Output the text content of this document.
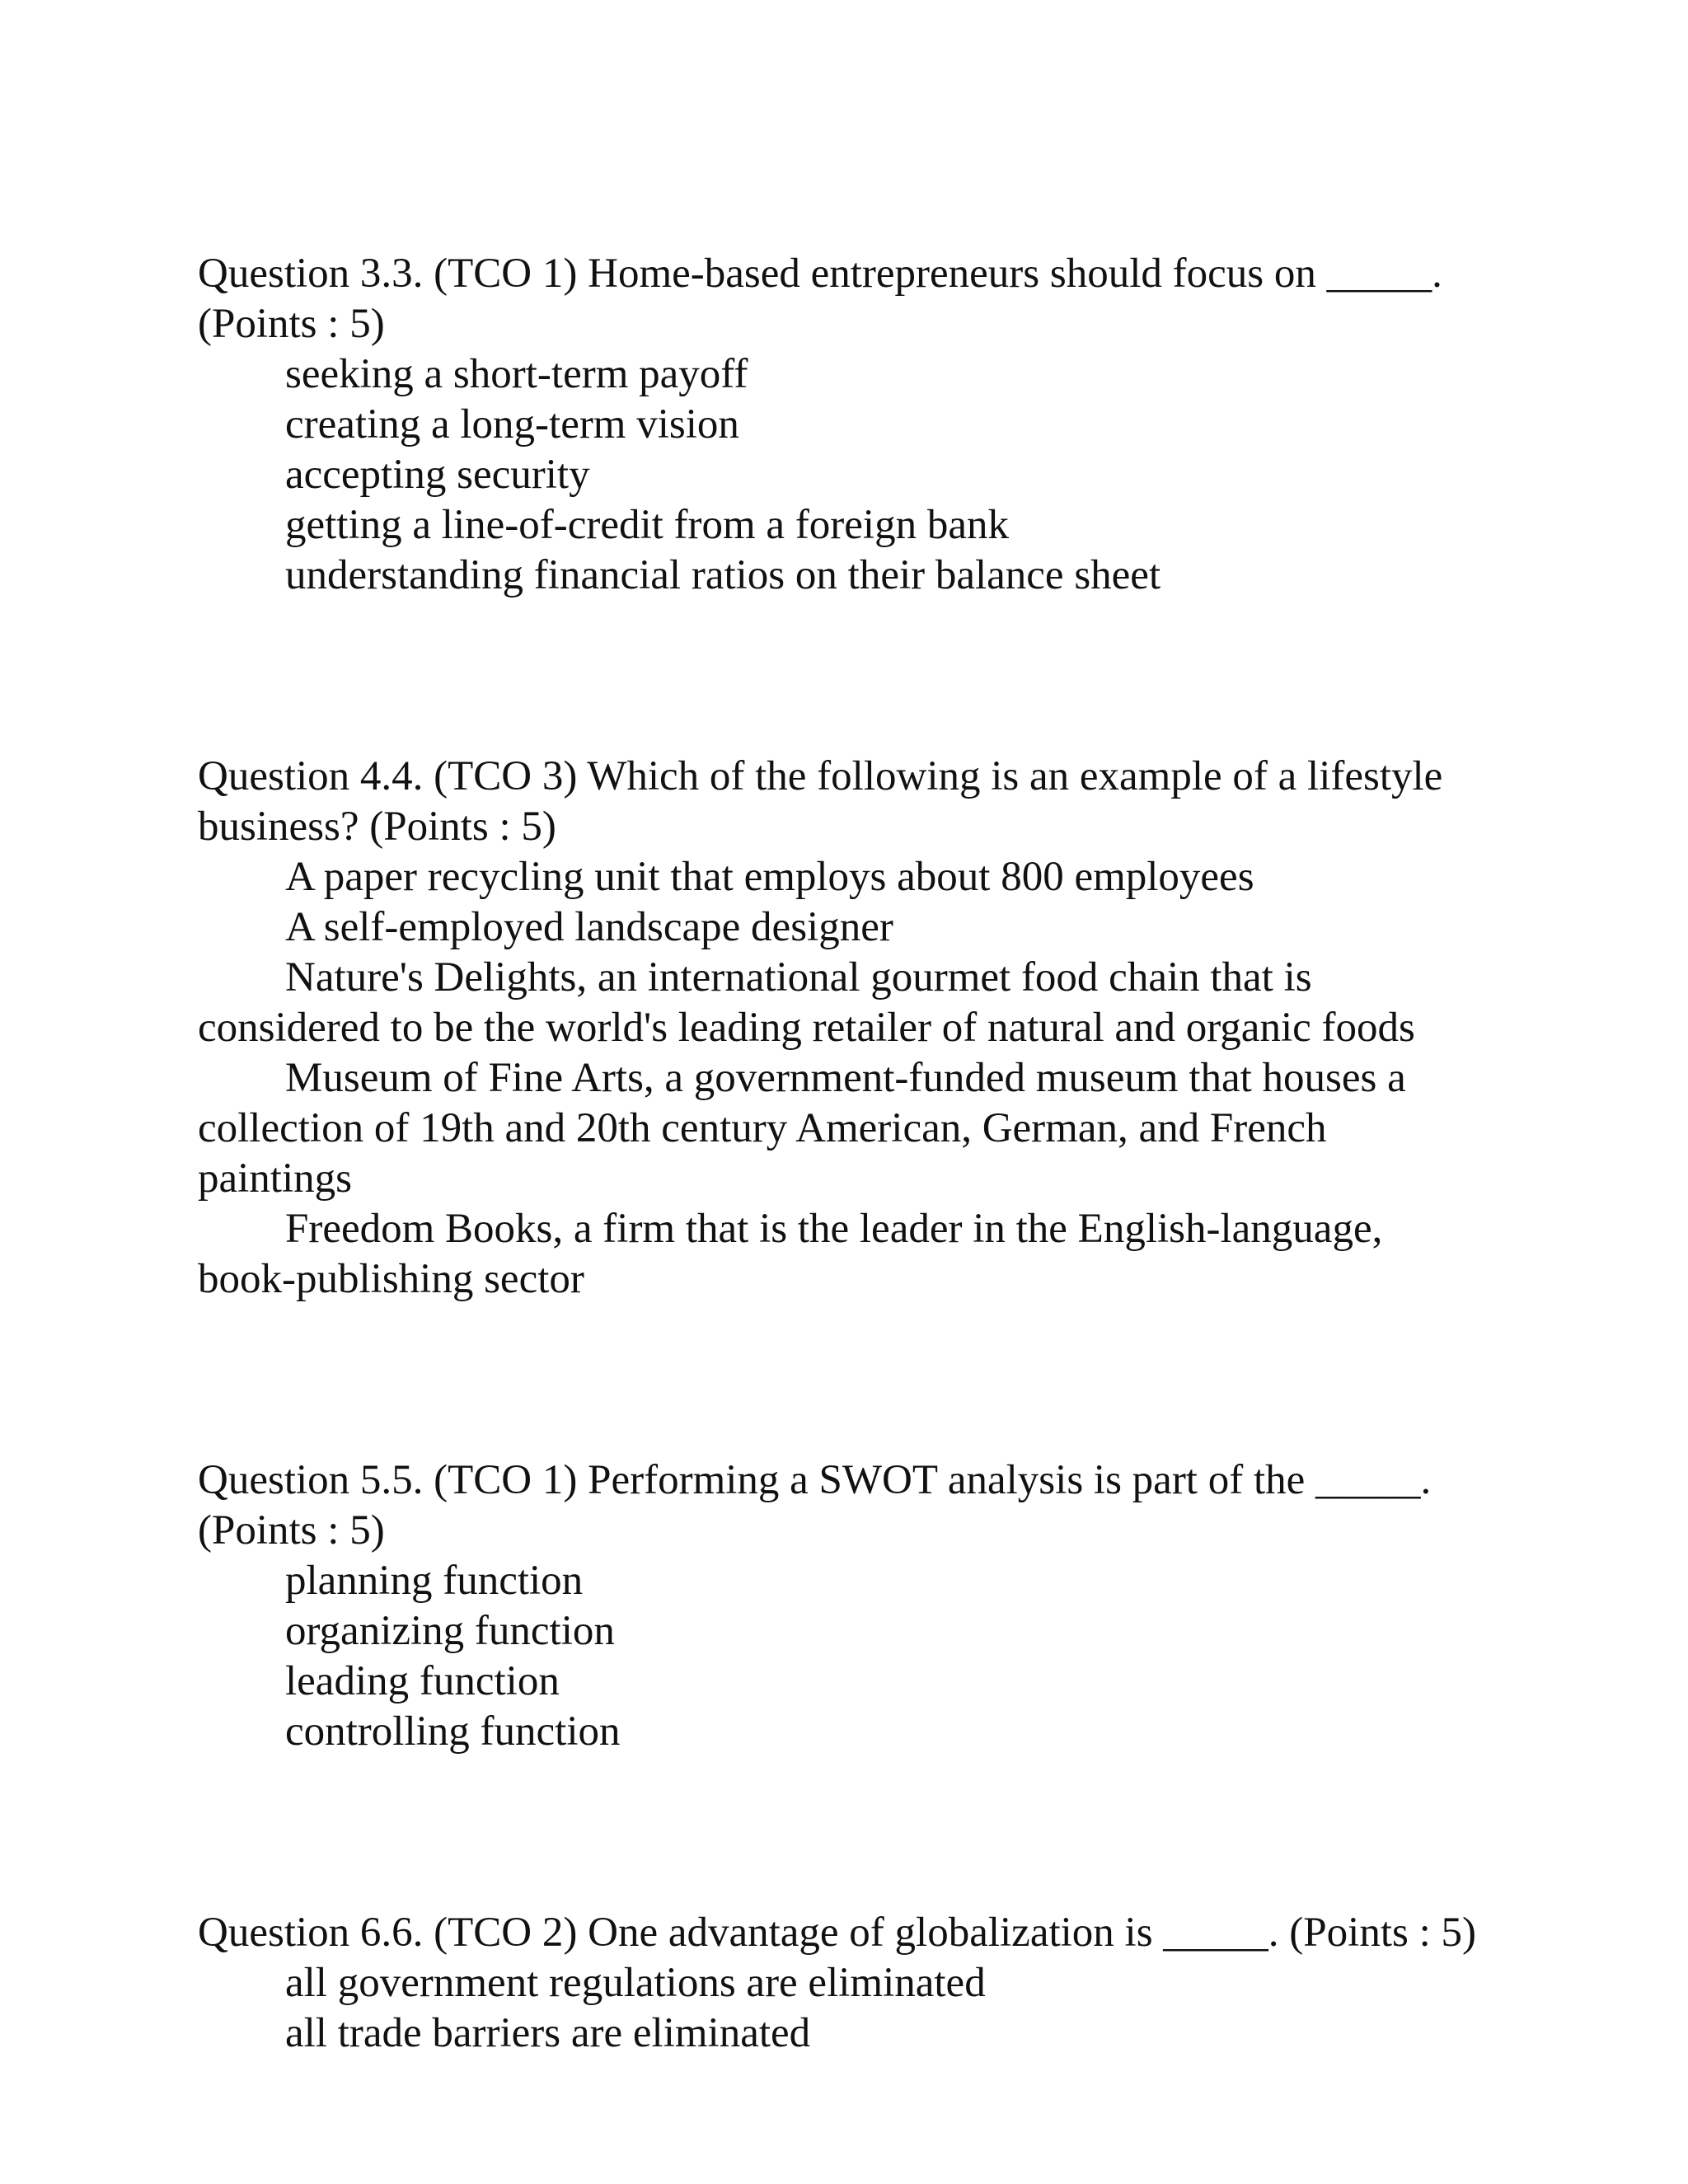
Question 3.3. (TCO 1) Home-based entrepreneurs should focus on _____. (Points : 5)

seeking a short-term payoff
creating a long-term vision
accepting security
getting a line-of-credit from a foreign bank
understanding financial ratios on their balance sheet

Question 4.4. (TCO 3) Which of the following is an example of a lifestyle business? (Points : 5)

A paper recycling unit that employs about 800 employees
A self-employed landscape designer
Nature's Delights, an international gourmet food chain that is considered to be the world's leading retailer of natural and organic foods
Museum of Fine Arts, a government-funded museum that houses a collection of 19th and 20th century American, German, and French paintings
Freedom Books, a firm that is the leader in the English-language, book-publishing sector

Question 5.5. (TCO 1) Performing a SWOT analysis is part of the _____. (Points : 5)

planning function
organizing function
leading function
controlling function

Question 6.6. (TCO 2) One advantage of globalization is _____. (Points : 5)

all government regulations are eliminated
all trade barriers are eliminated
